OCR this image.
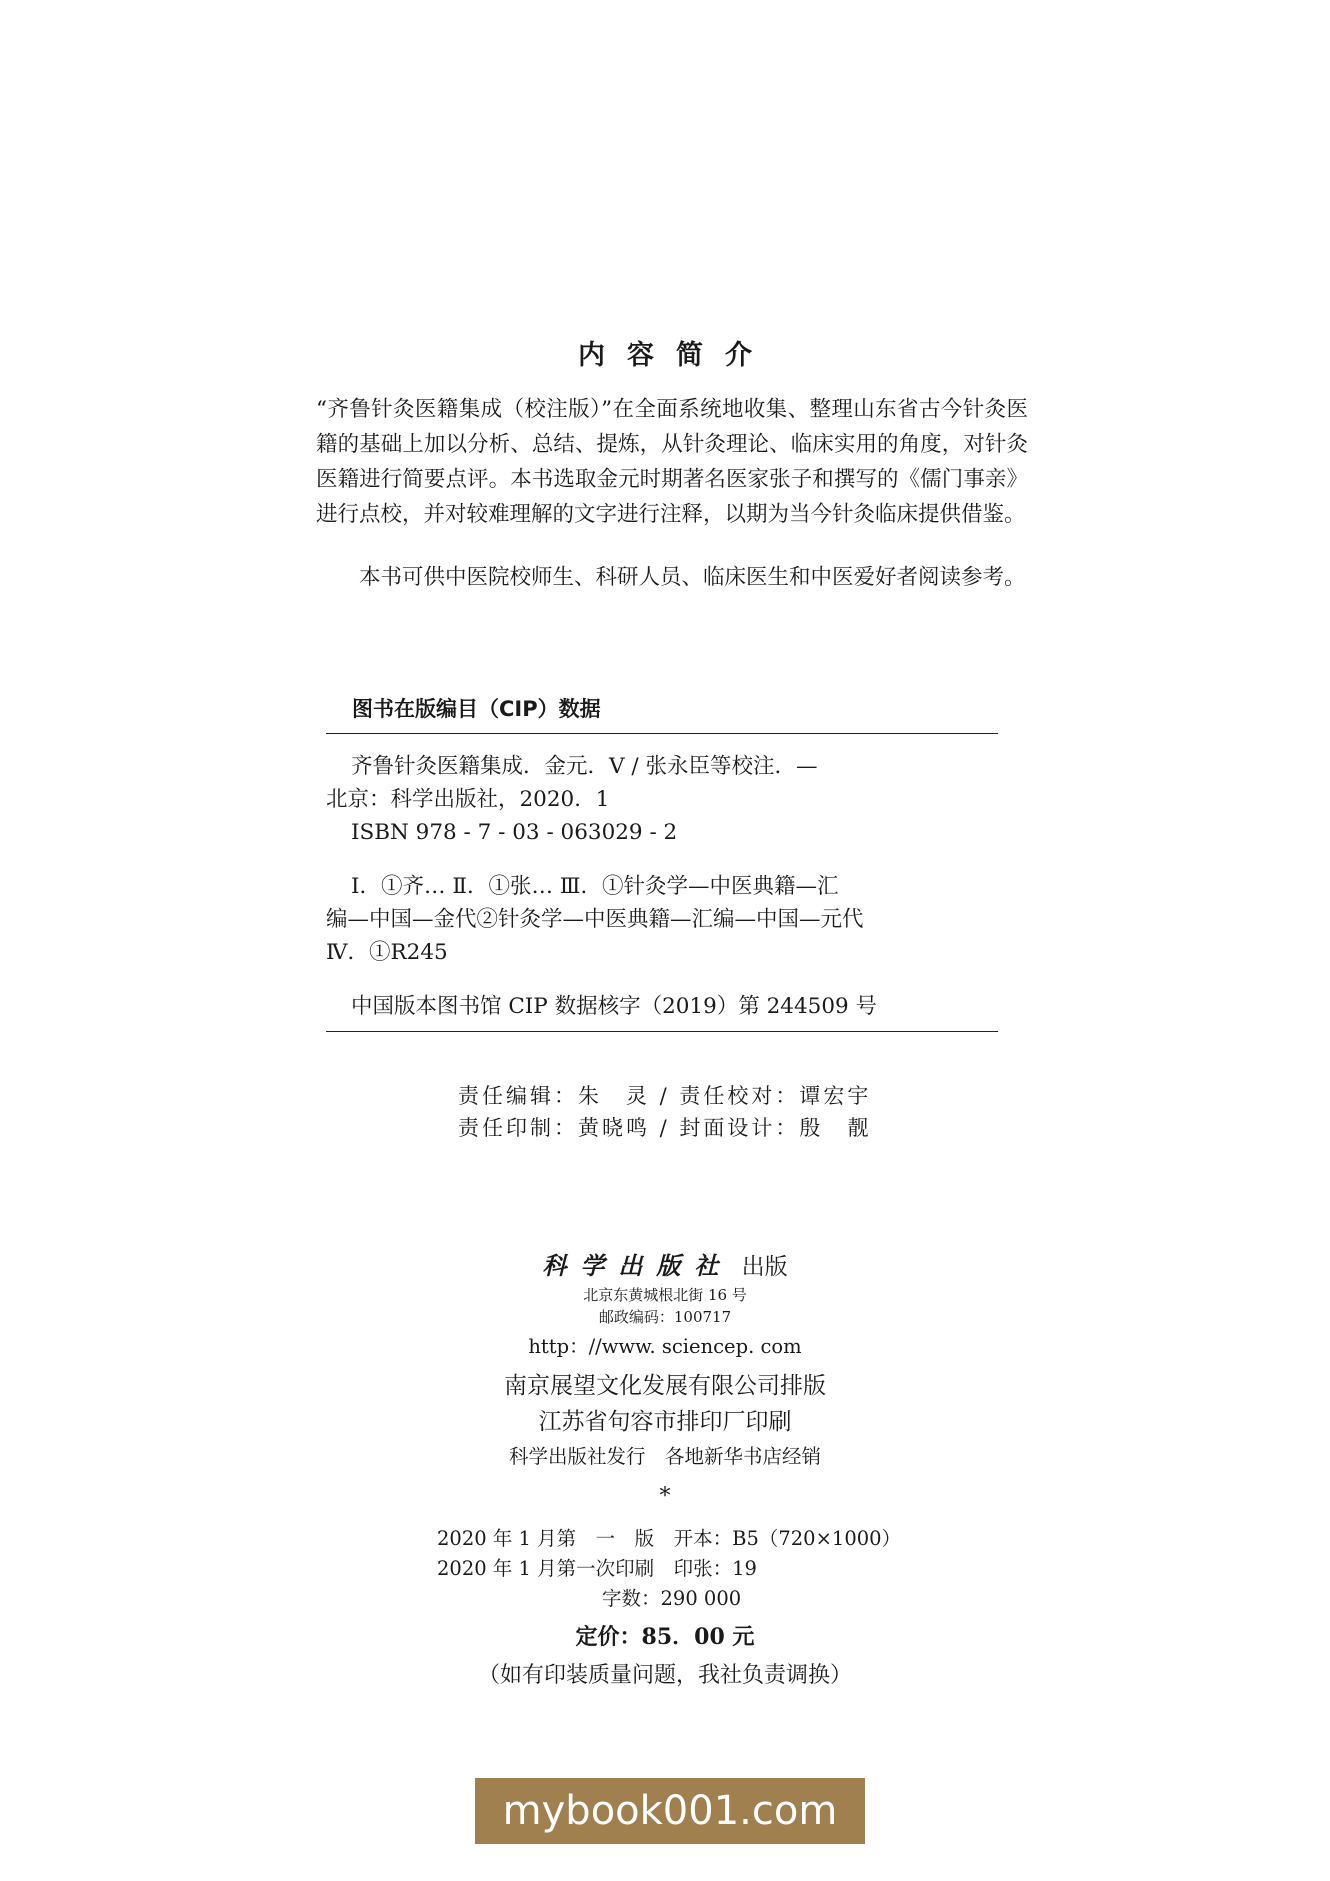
内容简介
“齐鲁针灸医籍集成（校注版）”在全面系统地收集、整理山东省古今针灸医籍的基础上加以分析、总结、提炼，从针灸理论、临床实用的角度，对针灸医籍进行简要点评。本书选取金元时期著名医家张子和撰写的《儒门事亲》进行点校，并对较难理解的文字进行注释，以期为当今针灸临床提供借鉴。
本书可供中医院校师生、科研人员、临床医生和中医爱好者阅读参考。
图书在版编目（CIP）数据
齐鲁针灸医籍集成．金元．Ⅴ / 张永臣等校注．—
北京：科学出版社，2020．1
ISBN 978 - 7 - 03 - 063029 - 2
Ⅰ．①齐… Ⅱ．①张… Ⅲ．①针灸学—中医典籍—汇
编—中国—金代②针灸学—中医典籍—汇编—中国—元代
Ⅳ．①R245
中国版本图书馆 CIP 数据核字（2019）第 244509 号
责任编辑：朱　灵 / 责任校对：谭宏宇
责任印制：黄晓鸣 / 封面设计：殷　靓
科学出版社 出版
北京东黄城根北街 16 号
邮政编码：100717
http：//www. sciencep. com
南京展望文化发展有限公司排版
江苏省句容市排印厂印刷
科学出版社发行　各地新华书店经销
*
2020 年 1 月第　一　版　开本：B5（720×1000）
2020 年 1 月第一次印刷　印张：19
字数：290 000
定价：85．00 元
（如有印装质量问题，我社负责调换）
mybook001.com
